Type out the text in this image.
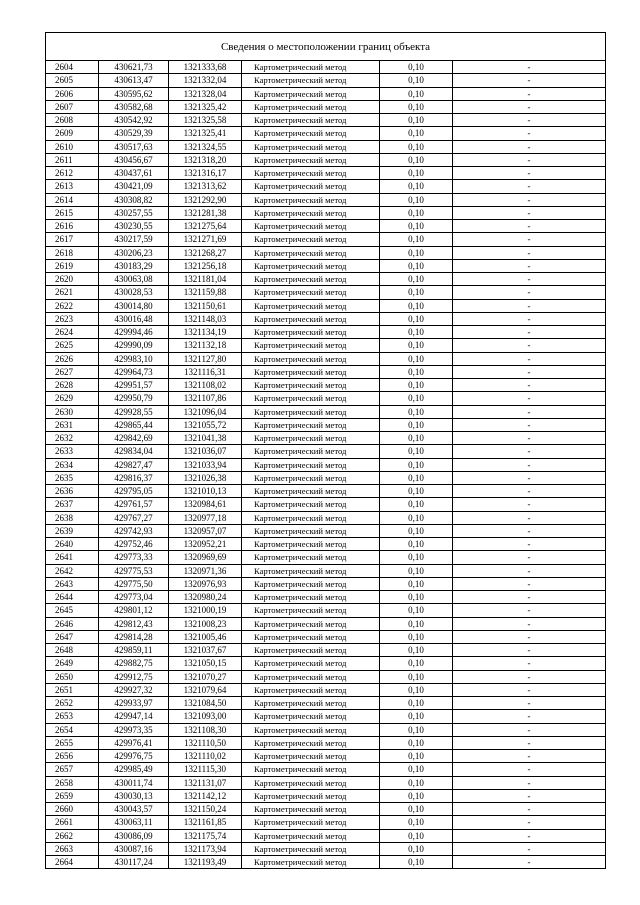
Сведения о местоположении границ объекта					
2604	430621,73	1321333,68	Картометрический метод	0,10	-
2605	430613,47	1321332,04	Картометрический метод	0,10	-
2606	430595,62	1321328,04	Картометрический метод	0,10	-
2607	430582,68	1321325,42	Картометрический метод	0,10	-
2608	430542,92	1321325,58	Картометрический метод	0,10	-
2609	430529,39	1321325,41	Картометрический метод	0,10	-
2610	430517,63	1321324,55	Картометрический метод	0,10	-
2611	430456,67	1321318,20	Картометрический метод	0,10	-
2612	430437,61	1321316,17	Картометрический метод	0,10	-
2613	430421,09	1321313,62	Картометрический метод	0,10	-
2614	430308,82	1321292,90	Картометрический метод	0,10	-
2615	430257,55	1321281,38	Картометрический метод	0,10	-
2616	430230,55	1321275,64	Картометрический метод	0,10	-
2617	430217,59	1321271,69	Картометрический метод	0,10	-
2618	430206,23	1321268,27	Картометрический метод	0,10	-
2619	430183,29	1321256,18	Картометрический метод	0,10	-
2620	430063,08	1321181,04	Картометрический метод	0,10	-
2621	430028,53	1321159,88	Картометрический метод	0,10	-
2622	430014,80	1321150,61	Картометрический метод	0,10	-
2623	430016,48	1321148,03	Картометрический метод	0,10	-
2624	429994,46	1321134,19	Картометрический метод	0,10	-
2625	429990,09	1321132,18	Картометрический метод	0,10	-
2626	429983,10	1321127,80	Картометрический метод	0,10	-
2627	429964,73	1321116,31	Картометрический метод	0,10	-
2628	429951,57	1321108,02	Картометрический метод	0,10	-
2629	429950,79	1321107,86	Картометрический метод	0,10	-
2630	429928,55	1321096,04	Картометрический метод	0,10	-
2631	429865,44	1321055,72	Картометрический метод	0,10	-
2632	429842,69	1321041,38	Картометрический метод	0,10	-
2633	429834,04	1321036,07	Картометрический метод	0,10	-
2634	429827,47	1321033,94	Картометрический метод	0,10	-
2635	429816,37	1321026,38	Картометрический метод	0,10	-
2636	429795,05	1321010,13	Картометрический метод	0,10	-
2637	429761,57	1320984,61	Картометрический метод	0,10	-
2638	429767,27	1320977,18	Картометрический метод	0,10	-
2639	429742,93	1320957,07	Картометрический метод	0,10	-
2640	429752,46	1320952,21	Картометрический метод	0,10	-
2641	429773,33	1320969,69	Картометрический метод	0,10	-
2642	429775,53	1320971,36	Картометрический метод	0,10	-
2643	429775,50	1320976,93	Картометрический метод	0,10	-
2644	429773,04	1320980,24	Картометрический метод	0,10	-
2645	429801,12	1321000,19	Картометрический метод	0,10	-
2646	429812,43	1321008,23	Картометрический метод	0,10	-
2647	429814,28	1321005,46	Картометрический метод	0,10	-
2648	429859,11	1321037,67	Картометрический метод	0,10	-
2649	429882,75	1321050,15	Картометрический метод	0,10	-
2650	429912,75	1321070,27	Картометрический метод	0,10	-
2651	429927,32	1321079,64	Картометрический метод	0,10	-
2652	429933,97	1321084,50	Картометрический метод	0,10	-
2653	429947,14	1321093,00	Картометрический метод	0,10	-
2654	429973,35	1321108,30	Картометрический метод	0,10	-
2655	429976,41	1321110,50	Картометрический метод	0,10	-
2656	429976,75	1321110,02	Картометрический метод	0,10	-
2657	429985,49	1321115,30	Картометрический метод	0,10	-
2658	430011,74	1321131,07	Картометрический метод	0,10	-
2659	430030,13	1321142,12	Картометрический метод	0,10	-
2660	430043,57	1321150,24	Картометрический метод	0,10	-
2661	430063,11	1321161,85	Картометрический метод	0,10	-
2662	430086,09	1321175,74	Картометрический метод	0,10	-
2663	430087,16	1321173,94	Картометрический метод	0,10	-
2664	430117,24	1321193,49	Картометрический метод	0,10	-
